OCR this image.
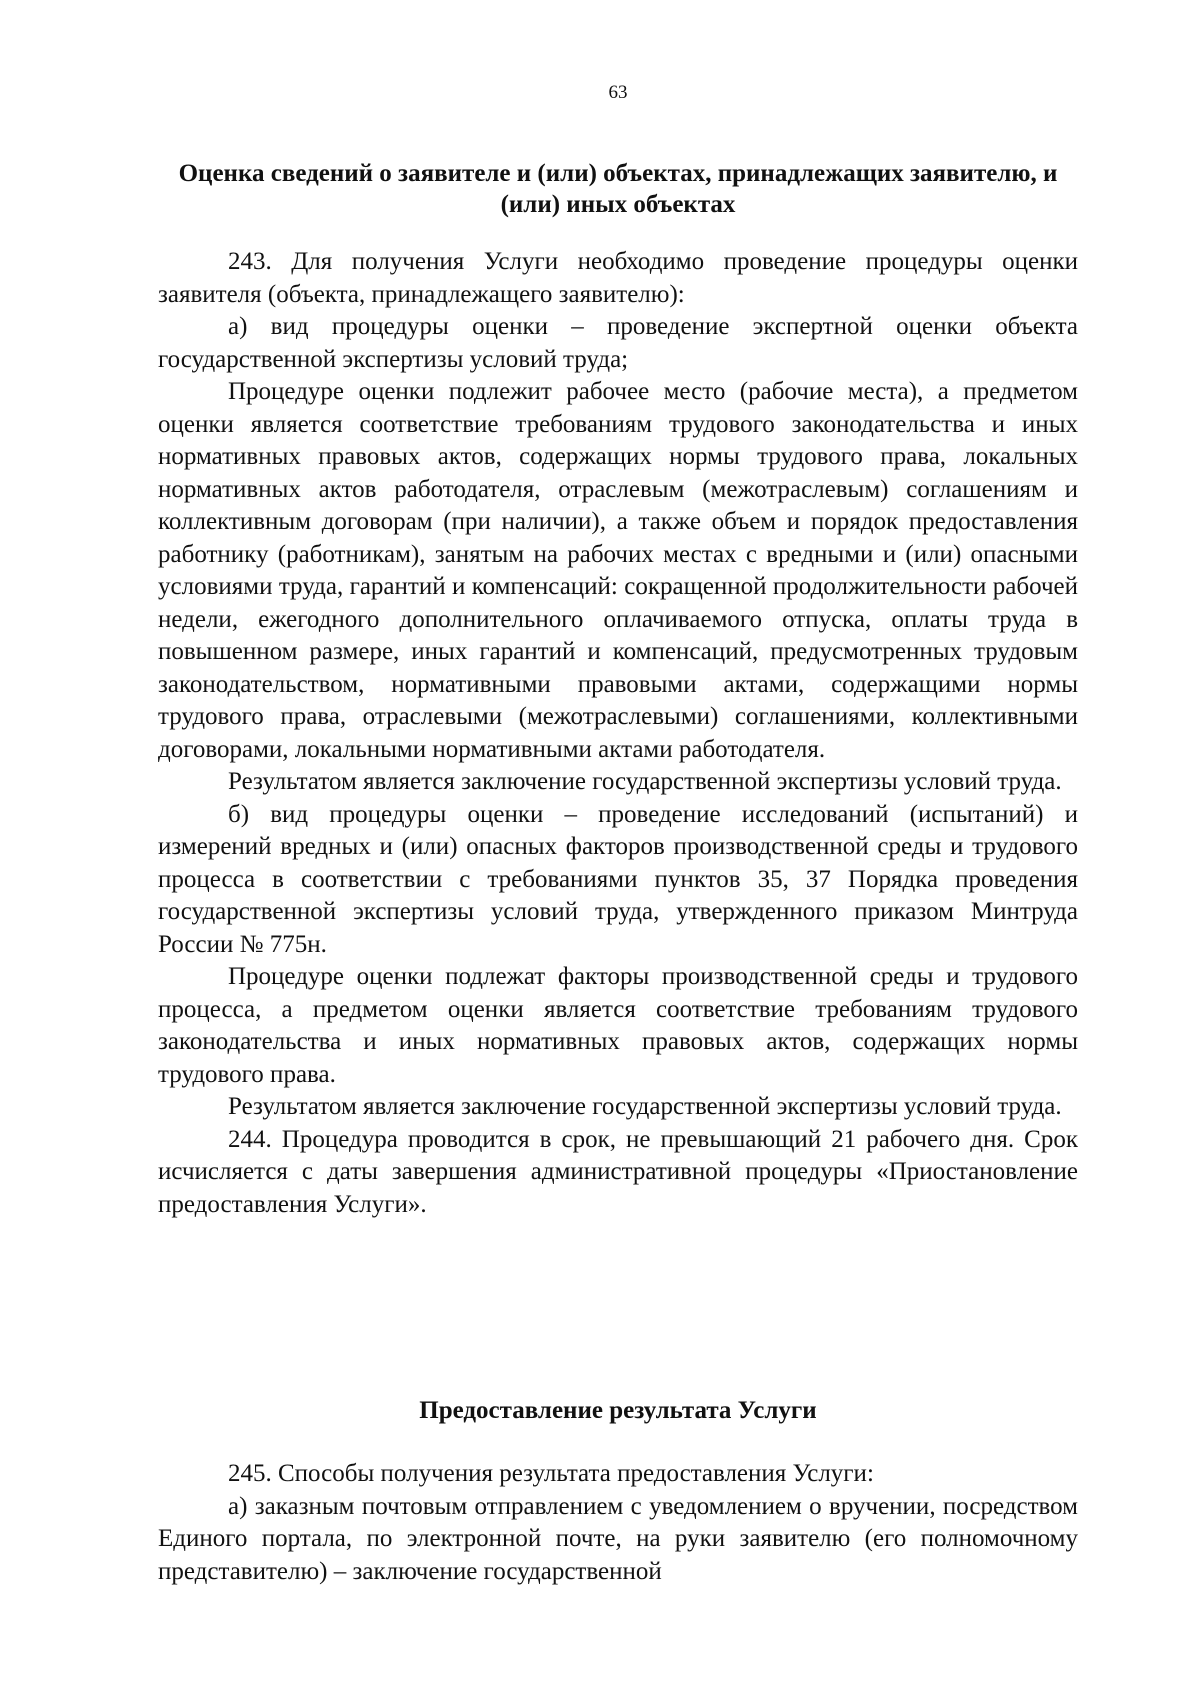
63
Оценка сведений о заявителе и (или) объектах, принадлежащих заявителю, и (или) иных объектах

243. Для получения Услуги необходимо проведение процедуры оценки заявителя (объекта, принадлежащего заявителю):

а) вид процедуры оценки – проведение экспертной оценки объекта государственной экспертизы условий труда;

Процедуре оценки подлежит рабочее место (рабочие места), а предметом оценки является соответствие требованиям трудового законодательства и иных нормативных правовых актов, содержащих нормы трудового права, локальных нормативных актов работодателя, отраслевым (межотраслевым) соглашениям и коллективным договорам (при наличии), а также объем и порядок предоставления работнику (работникам), занятым на рабочих местах с вредными и (или) опасными условиями труда, гарантий и компенсаций: сокращенной продолжительности рабочей недели, ежегодного дополнительного оплачиваемого отпуска, оплаты труда в повышенном размере, иных гарантий и компенсаций, предусмотренных трудовым законодательством, нормативными правовыми актами, содержащими нормы трудового права, отраслевыми (межотраслевыми) соглашениями, коллективными договорами, локальными нормативными актами работодателя.

Результатом является заключение государственной экспертизы условий труда.

б) вид процедуры оценки – проведение исследований (испытаний) и измерений вредных и (или) опасных факторов производственной среды и трудового процесса в соответствии с требованиями пунктов 35, 37 Порядка проведения государственной экспертизы условий труда, утвержденного приказом Минтруда России № 775н.

Процедуре оценки подлежат факторы производственной среды и трудового процесса, а предметом оценки является соответствие требованиям трудового законодательства и иных нормативных правовых актов, содержащих нормы трудового права.

Результатом является заключение государственной экспертизы условий труда.

244. Процедура проводится в срок, не превышающий 21 рабочего дня. Срок исчисляется с даты завершения административной процедуры «Приостановление предоставления Услуги».

Предоставление результата Услуги

245. Способы получения результата предоставления Услуги:

а) заказным почтовым отправлением с уведомлением о вручении, посредством Единого портала, по электронной почте, на руки заявителю (его полномочному представителю) – заключение государственной
